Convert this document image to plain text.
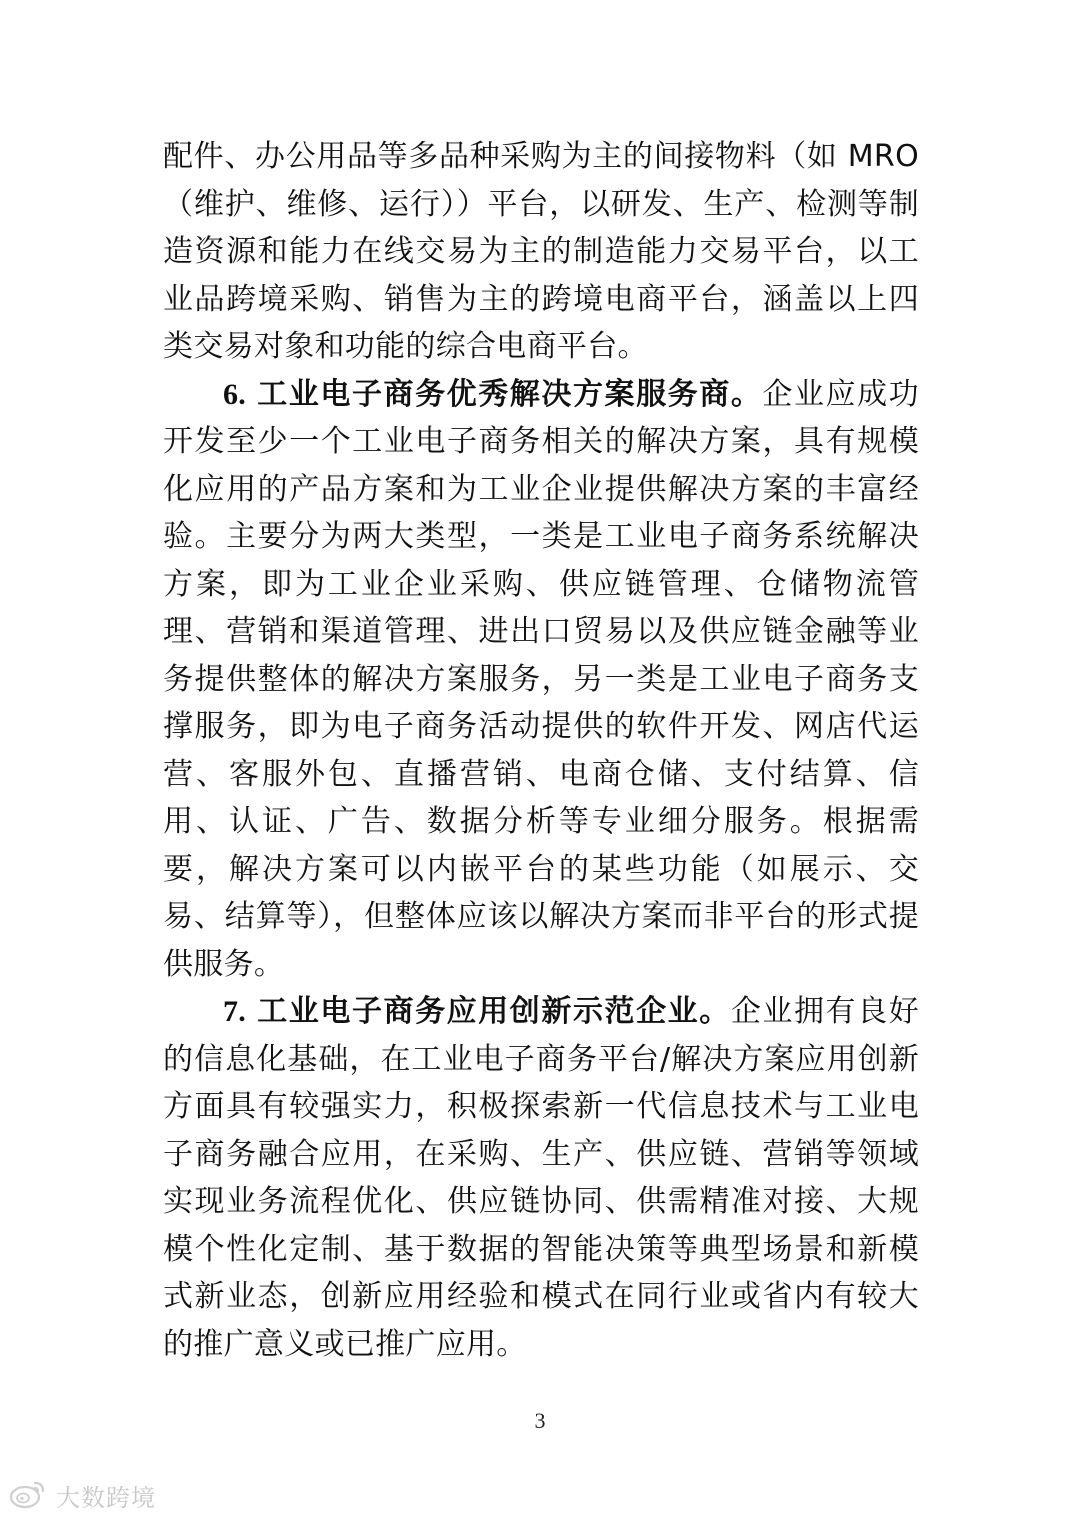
配件、办公用品等多品种采购为主的间接物料（如 MRO（维护、维修、运行））平台，以研发、生产、检测等制造资源和能力在线交易为主的制造能力交易平台，以工业品跨境采购、销售为主的跨境电商平台，涵盖以上四类交易对象和功能的综合电商平台。

6. 工业电子商务优秀解决方案服务商。企业应成功开发至少一个工业电子商务相关的解决方案，具有规模化应用的产品方案和为工业企业提供解决方案的丰富经验。主要分为两大类型，一类是工业电子商务系统解决方案，即为工业企业采购、供应链管理、仓储物流管理、营销和渠道管理、进出口贸易以及供应链金融等业务提供整体的解决方案服务，另一类是工业电子商务支撑服务，即为电子商务活动提供的软件开发、网店代运营、客服外包、直播营销、电商仓储、支付结算、信用、认证、广告、数据分析等专业细分服务。根据需要，解决方案可以内嵌平台的某些功能（如展示、交易、结算等），但整体应该以解决方案而非平台的形式提供服务。

7. 工业电子商务应用创新示范企业。企业拥有良好的信息化基础，在工业电子商务平台/解决方案应用创新方面具有较强实力，积极探索新一代信息技术与工业电子商务融合应用，在采购、生产、供应链、营销等领域实现业务流程优化、供应链协同、供需精准对接、大规模个性化定制、基于数据的智能决策等典型场景和新模式新业态，创新应用经验和模式在同行业或省内有较大的推广意义或已推广应用。

3
大数跨境
